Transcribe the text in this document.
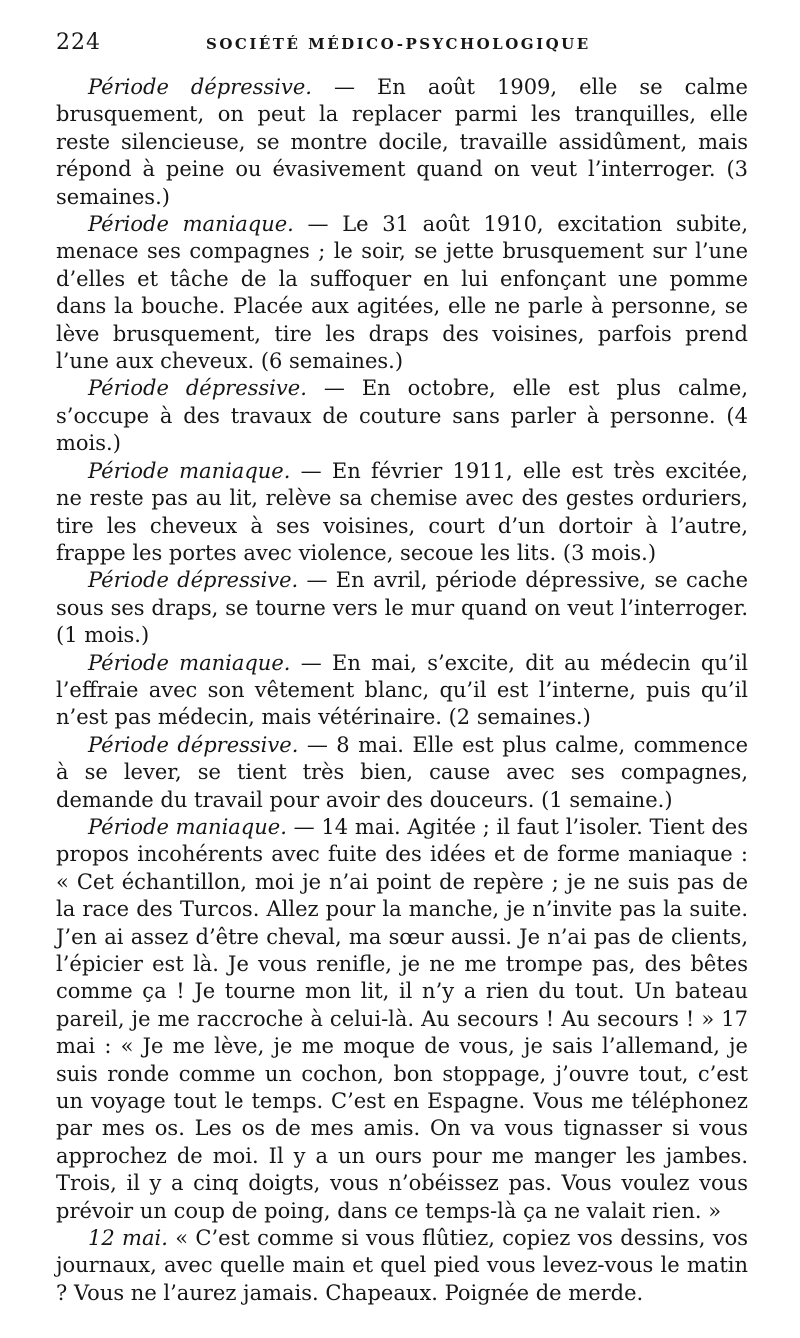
224	SOCIÉTÉ MÉDICO-PSYCHOLOGIQUE

Période dépressive. — En août 1909, elle se calme brusquement, on peut la replacer parmi les tranquilles, elle reste silencieuse, se montre docile, travaille assidûment, mais répond à peine ou évasivement quand on veut l’interroger. (3 semaines.)

Période maniaque. — Le 31 août 1910, excitation subite, menace ses compagnes ; le soir, se jette brusquement sur l’une d’elles et tâche de la suffoquer en lui enfonçant une pomme dans la bouche. Placée aux agitées, elle ne parle à personne, se lève brusquement, tire les draps des voisines, parfois prend l’une aux cheveux. (6 semaines.)

Période dépressive. — En octobre, elle est plus calme, s’occupe à des travaux de couture sans parler à personne. (4 mois.)

Période maniaque. — En février 1911, elle est très excitée, ne reste pas au lit, relève sa chemise avec des gestes orduriers, tire les cheveux à ses voisines, court d’un dortoir à l’autre, frappe les portes avec violence, secoue les lits. (3 mois.)

Période dépressive. — En avril, période dépressive, se cache sous ses draps, se tourne vers le mur quand on veut l’interroger. (1 mois.)

Période maniaque. — En mai, s’excite, dit au médecin qu’il l’effraie avec son vêtement blanc, qu’il est l’interne, puis qu’il n’est pas médecin, mais vétérinaire. (2 semaines.)

Période dépressive. — 8 mai. Elle est plus calme, commence à se lever, se tient très bien, cause avec ses compagnes, demande du travail pour avoir des douceurs. (1 semaine.)

Période maniaque. — 14 mai. Agitée ; il faut l’isoler. Tient des propos incohérents avec fuite des idées et de forme maniaque : « Cet échantillon, moi je n’ai point de repère ; je ne suis pas de la race des Turcos. Allez pour la manche, je n’invite pas la suite. J’en ai assez d’être cheval, ma sœur aussi. Je n’ai pas de clients, l’épicier est là. Je vous renifle, je ne me trompe pas, des bêtes comme ça ! Je tourne mon lit, il n’y a rien du tout. Un bateau pareil, je me raccroche à celui-là. Au secours ! Au secours ! » 17 mai : « Je me lève, je me moque de vous, je sais l’allemand, je suis ronde comme un cochon, bon stoppage, j’ouvre tout, c’est un voyage tout le temps. C’est en Espagne. Vous me téléphonez par mes os. Les os de mes amis. On va vous tignasser si vous approchez de moi. Il y a un ours pour me manger les jambes. Trois, il y a cinq doigts, vous n’obéissez pas. Vous voulez vous prévoir un coup de poing, dans ce temps-là ça ne valait rien. »

12 mai. « C’est comme si vous flûtiez, copiez vos dessins, vos journaux, avec quelle main et quel pied vous levez-vous le matin ? Vous ne l’aurez jamais. Chapeaux. Poignée de merde.
